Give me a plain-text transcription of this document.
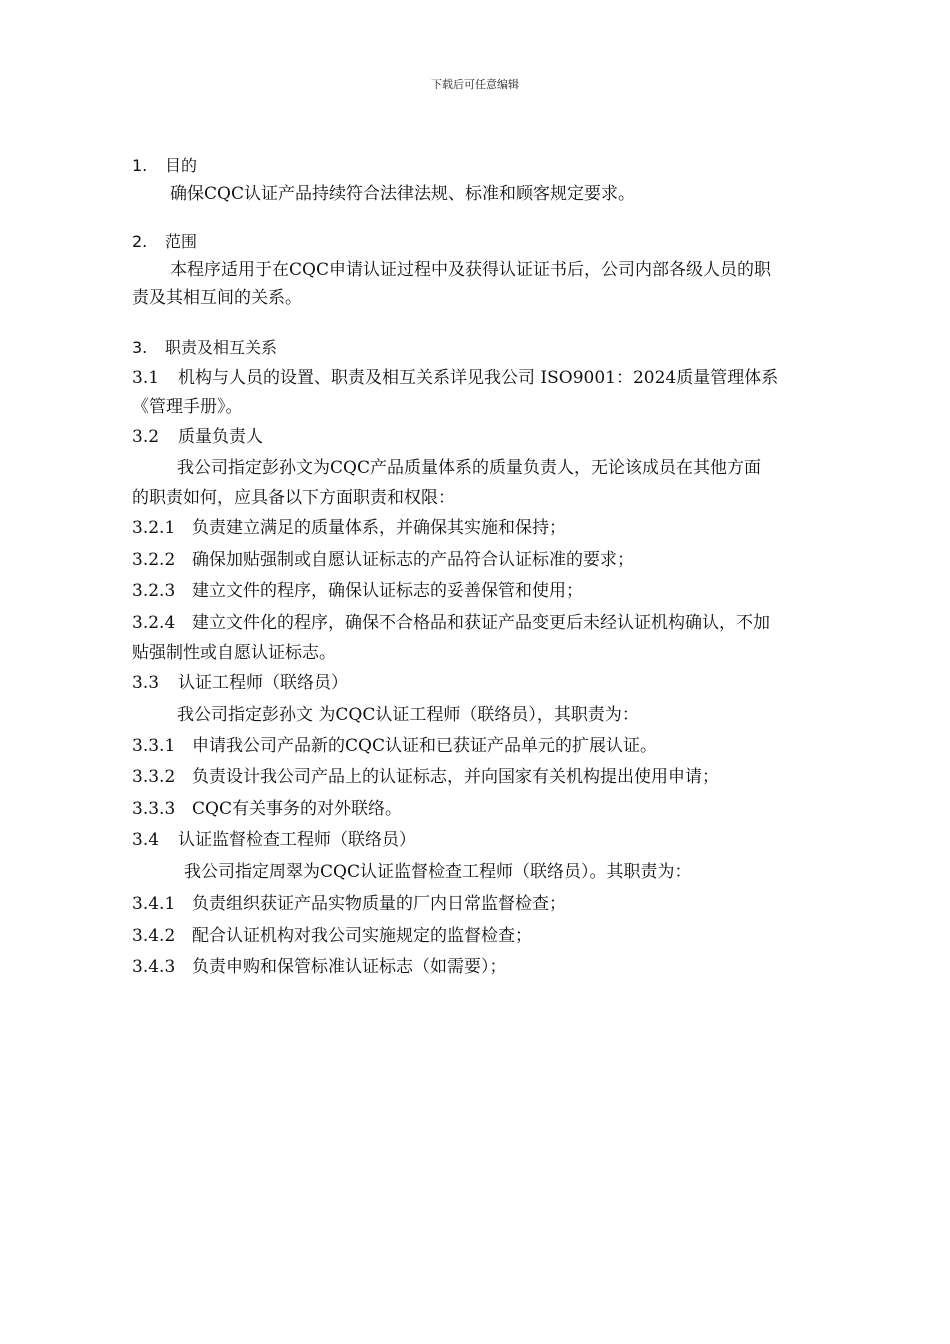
下载后可任意编辑
1. 目的
确保CQC认证产品持续符合法律法规、标准和顾客规定要求。
2. 范围
本程序适用于在CQC申请认证过程中及获得认证证书后，公司内部各级人员的职
责及其相互间的关系。
3. 职责及相互关系
3.1 机构与人员的设置、职责及相互关系详见我公司 ISO9001：2024质量管理体系
《管理手册》。
3.2 质量负责人
我公司指定彭孙文为CQC产品质量体系的质量负责人，无论该成员在其他方面
的职责如何，应具备以下方面职责和权限：
3.2.1 负责建立满足的质量体系，并确保其实施和保持；
3.2.2 确保加贴强制或自愿认证标志的产品符合认证标准的要求；
3.2.3 建立文件的程序，确保认证标志的妥善保管和使用；
3.2.4 建立文件化的程序，确保不合格品和获证产品变更后未经认证机构确认，不加
贴强制性或自愿认证标志。
3.3 认证工程师（联络员）
我公司指定彭孙文 为CQC认证工程师（联络员），其职责为：
3.3.1 申请我公司产品新的CQC认证和已获证产品单元的扩展认证。
3.3.2 负责设计我公司产品上的认证标志，并向国家有关机构提出使用申请；
3.3.3 CQC有关事务的对外联络。
3.4 认证监督检查工程师（联络员）
我公司指定周翠为CQC认证监督检查工程师（联络员）。其职责为：
3.4.1 负责组织获证产品实物质量的厂内日常监督检查；
3.4.2 配合认证机构对我公司实施规定的监督检查；
3.4.3 负责申购和保管标准认证标志（如需要）；
